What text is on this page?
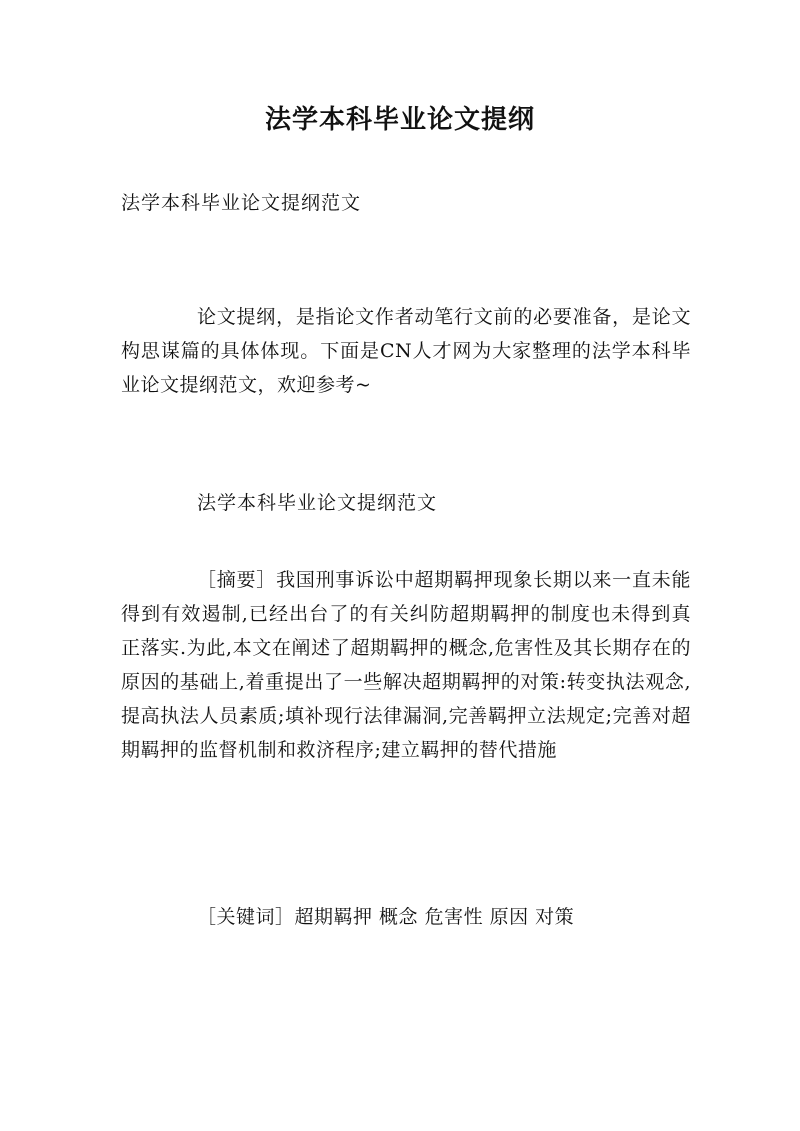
法学本科毕业论文提纲

法学本科毕业论文提纲范文

论文提纲，是指论文作者动笔行文前的必要准备，是论文构思谋篇的具体体现。下面是CN人才网为大家整理的法学本科毕业论文提纲范文，欢迎参考~

法学本科毕业论文提纲范文

［摘要］我国刑事诉讼中超期羁押现象长期以来一直未能得到有效遏制,已经出台了的有关纠防超期羁押的制度也未得到真正落实.为此,本文在阐述了超期羁押的概念,危害性及其长期存在的原因的基础上,着重提出了一些解决超期羁押的对策:转变执法观念,提高执法人员素质;填补现行法律漏洞,完善羁押立法规定;完善对超期羁押的监督机制和救济程序;建立羁押的替代措施

［关键词］超期羁押 概念 危害性 原因 对策
